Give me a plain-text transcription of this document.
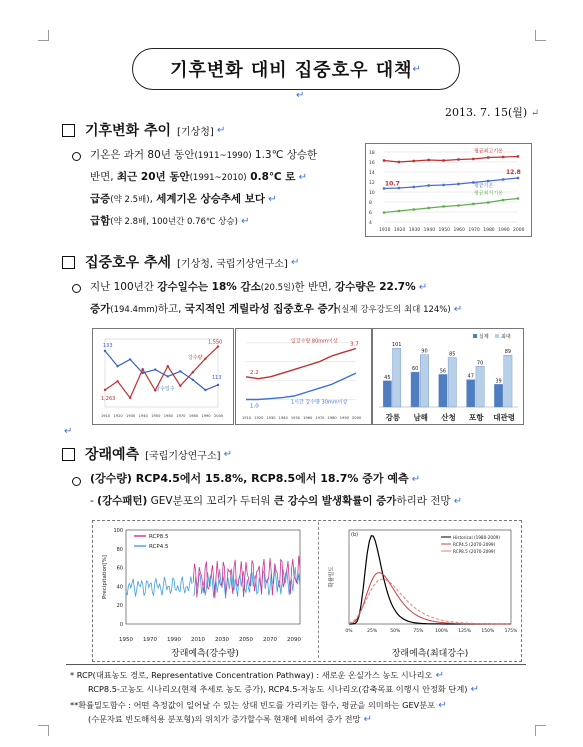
기후변화 대비 집중호우 대책 ↵
↵
2013. 7. 15(월) ↵
기후변화 추이 [기상청] ↵
기온은 과거 80년 동안(1911~1990) 1.3℃ 상승한
반면, 최근 20년 동안(1991~2010) 0.8℃ 로 ↵
급증(약 2.5배), 세계기온 상승추세 보다 ↵
급함(약 2.8배, 100년간 0.76℃ 상승) ↵
18
16
14
12
10
8
6
4
1910 1920 1930 1940 1950 1960 1970 1980 1990 2000
평균최고기온
평균기온
평균최저기온
10.7
12.8
집중호우 추세 [기상청, 국립기상연구소] ↵
지난 100년간 강수일수는 18% 감소(20.5일)한 반면, 강수량은 22.7% ↵
증가(194.4mm)하고, 국지적인 게릴라성 집중호우 증가(실제 강우강도의 최대 124%) ↵
133
1,263
1,550
113
강수량
강수일수
1910 1920 1930 1940 1950 1960 1970 1980 1990 2000
2.2
1.0
3.7
일강수량 80mm이상
1시간 강수량 30mm이상
1910 1920 1930 1940 1950 1960 1970 1980 1990 2000
45
101
강릉
60
90
남해
56
85
산청
47
70
포항
39
89
대관령
실제 최대
↵
장래예측 [국립기상연구소] ↵
(강수량) RCP4.5에서 15.8%, RCP8.5에서 18.7% 증가 예측 ↵
- (강수패턴) GEV분포의 꼬리가 두터워 큰 강수의 발생확률이 증가하리라 전망 ↵
100
80
60
40
20
0
1950 1970 1990 2010 2030 2050 2070 2090
Precipitation[%]
RCP8.5
RCP4.5
(b)
확률밀도
0%	25%	50%	75%	100% 125% 150% 175%
Historical (1980-2009)
RCP4.5 (2070-2099)
RCP8.5 (2070-2099)
장래예측(강수량)	장래예측(최대강수)
* RCP(대표농도 경로, Representative Concentration Pathway) : 새로운 온실가스 농도 시나리오 ↵
RCP8.5-고농도 시나리오(현재 추세로 농도 증가), RCP4.5-저농도 시나리오(감축목표 이행시 안정화 단계) ↵
**확률밀도함수 : 어떤 측정값이 일어날 수 있는 상대 빈도를 가리키는 함수, 평균을 의미하는 GEV분포 ↵
(수문자료 빈도해석용 분포형)의 위치가 증가할수록 현재에 비하여 증가 전망 ↵
